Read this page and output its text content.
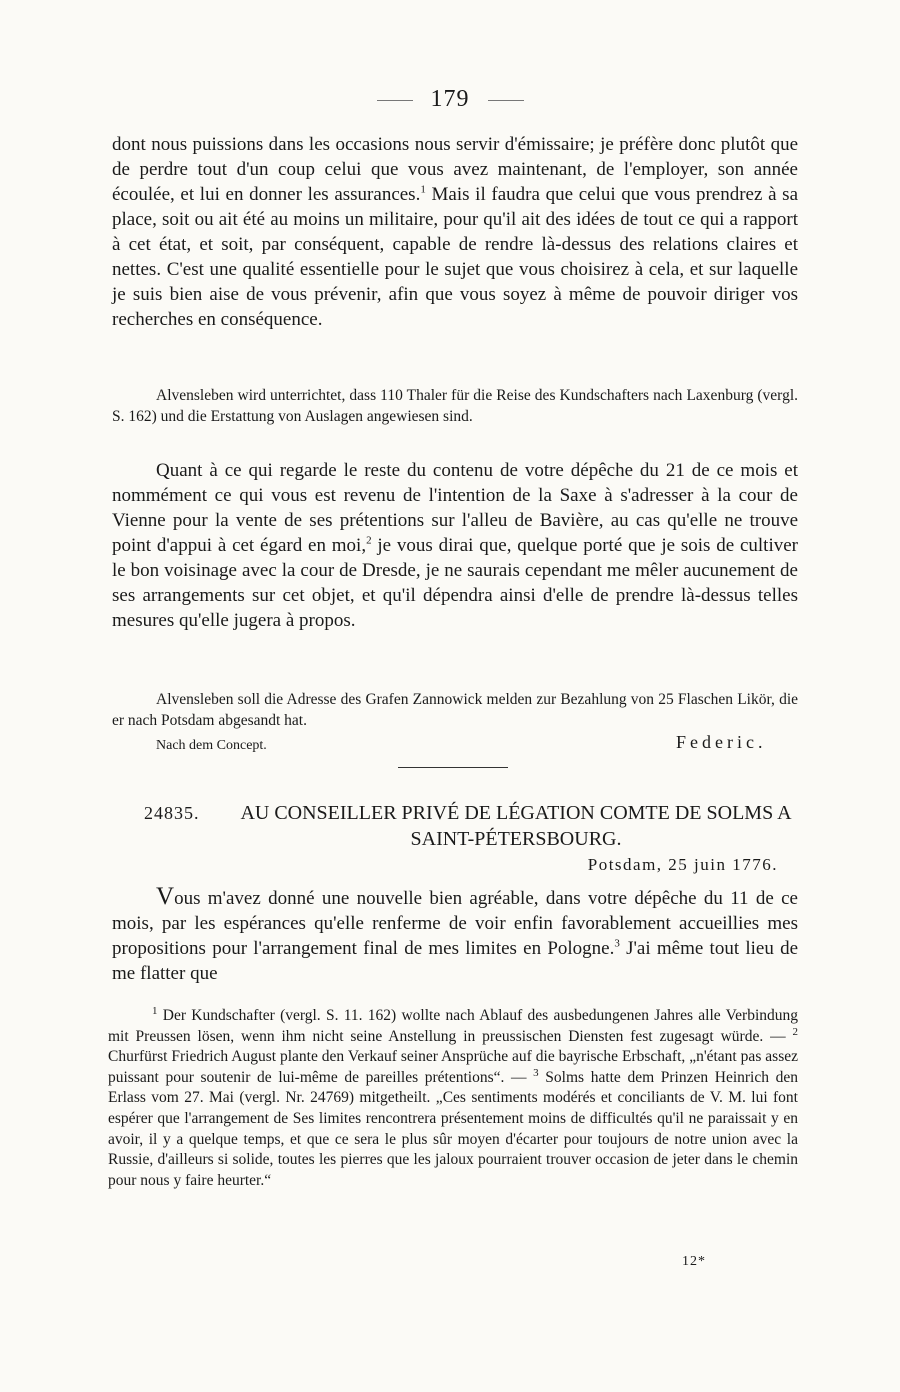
179

dont nous puissions dans les occasions nous servir d'émissaire; je préfère donc plutôt que de perdre tout d'un coup celui que vous avez maintenant, de l'employer, son année écoulée, et lui en donner les assurances.$^1$ Mais il faudra que celui que vous prendrez à sa place, soit ou ait été au moins un militaire, pour qu'il ait des idées de tout ce qui a rapport à cet état, et soit, par conséquent, capable de rendre là-dessus des relations claires et nettes. C'est une qualité essentielle pour le sujet que vous choisirez à cela, et sur laquelle je suis bien aise de vous prévenir, afin que vous soyez à même de pouvoir diriger vos recherches en conséquence.

Alvensleben wird unterrichtet, dass 110 Thaler für die Reise des Kundschafters nach Laxenburg (vergl. S. 162) und die Erstattung von Auslagen angewiesen sind.

Quant à ce qui regarde le reste du contenu de votre dépêche du 21 de ce mois et nommément ce qui vous est revenu de l'intention de la Saxe à s'adresser à la cour de Vienne pour la vente de ses prétentions sur l'alleu de Bavière, au cas qu'elle ne trouve point d'appui à cet égard en moi,$^2$ je vous dirai que, quelque porté que je sois de cultiver le bon voisinage avec la cour de Dresde, je ne saurais cependant me mêler aucunement de ses arrangements sur cet objet, et qu'il dépendra ainsi d'elle de prendre là-dessus telles mesures qu'elle jugera à propos.

Alvensleben soll die Adresse des Grafen Zannowick melden zur Bezahlung von 25 Flaschen Likör, die er nach Potsdam abgesandt hat.

Nach dem Concept.	Federic.
24835. AU CONSEILLER PRIVÉ DE LÉGATION COMTE DE SOLMS A SAINT-PÉTERSBOURG.
Potsdam, 25 juin 1776.

Vous m'avez donné une nouvelle bien agréable, dans votre dépêche du 11 de ce mois, par les espérances qu'elle renferme de voir enfin favorablement accueillies mes propositions pour l'arrangement final de mes limites en Pologne.$^3$ J'ai même tout lieu de me flatter que

$^1$ Der Kundschafter (vergl. S. 11. 162) wollte nach Ablauf des ausbedungenen Jahres alle Verbindung mit Preussen lösen, wenn ihm nicht seine Anstellung in preussischen Diensten fest zugesagt würde. — $^2$ Churfürst Friedrich August plante den Verkauf seiner Ansprüche auf die bayrische Erbschaft, „n'étant pas assez puissant pour soutenir de lui-même de pareilles prétentions“. — $^3$ Solms hatte dem Prinzen Heinrich den Erlass vom 27. Mai (vergl. Nr. 24769) mitgetheilt. „Ces sentiments modérés et conciliants de V. M. lui font espérer que l'arrangement de Ses limites rencontrera présentement moins de difficultés qu'il ne paraissait y en avoir, il y a quelque temps, et que ce sera le plus sûr moyen d'écarter pour toujours de notre union avec la Russie, d'ailleurs si solide, toutes les pierres que les jaloux pourraient trouver occasion de jeter dans le chemin pour nous y faire heurter.“

12*
